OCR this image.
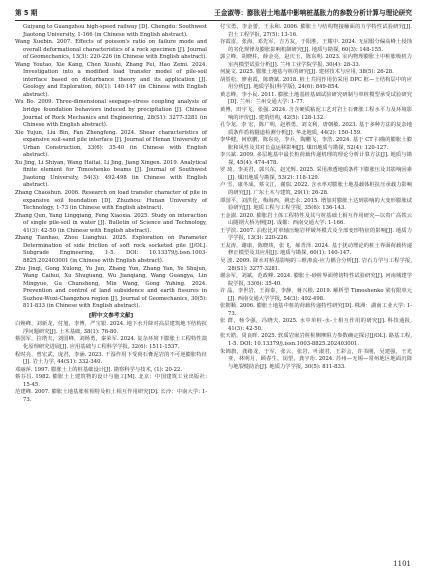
第 5 期	王金淑等：膨胀岩土地基中影响桩基胀力的参数分析计算与理论研究
Guiyang to Guangzhou high-speed railway [D]. Chengdu: Southwest Jiaotong University, 1-166 (in Chinese with English abstract).
Wang Xuebin. 2007. Effects of poisson's ratio on failure mode and overall deformational characteristics of a rock specimen [J]. Journal of Geomechanics, 13(3): 220-226 (in Chinese with English abstract).
Wang Youtao, Xie Kang, Chen Xiushi, Zhang Fei, Hao Zemi. 2024. Investigation into a modified load transfer model of pile-soil interface based on disturbance theory and its application [J]. Geology and Exploration, 60(1): 140-147 (in Chinese with English abstract).
Wu Bo. 2009. Three-dimensional seepage-stress coupling analysis of bridge foundation behaviors induced by precipitation [J]. Chinese Journal of Rock Mechanics and Engineering, 28(S1): 3277-3281 (in Chinese with English abstract).
Xie Yujun, Liu Bin, Fan Zhengfeng. 2024. Shear characteristics of expansive soil-sand pile interface [J]. Journal of Henan University of Urban Construction, 33(6): 35-40 (in Chinese with English abstract).
Xu Jing, Li Shiyan, Wang Haitai, Li Jing, Jiang Xingen. 2019. Analytical finite element for Timoshenko beams [J]. Journal of Southwest Jiaotong University, 54(3): 492-498 (in Chinese with English abstract).
Zhang Chaoshun. 2006. Research on load transfer character of pile in expansive soil foundation [D]. Zhuzhou: Hunan University of Technology, 1-73 (in Chinese with English abstract).
Zhang Qun, Yang Lingqiang, Feng Xiaoxia. 2025. Study on interaction of single pile-soil in water [J]. Bulletin of Science and Technology, 41(3): 42-50 (in Chinese with English abstract).
Zhang Tianhao, Zhou Lianghui. 2025. Exploration on Parameter Determination of side friction of soft rock socketed pile [J/OL]. Subgrade Engineering, 1-5. DOI: 10.13379/j.issn.1003-8825.202403001 (in Chinese with English abstract).
Zhu Jinqi, Gong Xulong, Yu Jun, Zhang Yun, Zhang Yan, Ye Shujun, Wang Caihui, Xu Shuguang, Wu Jianqiang, Wang Guangya, Lin Mingyue, Gu Chunsheng, Min Wang, Gong Yuhing. 2024. Prevention and control of land subsidence and earth fissures in Suzhou-Wuxi-Changzhou region [J]. Journal of Geomechanics, 30(5): 811-833 (in Chinese with English abstract).
[附中文参考文献]
白焕峰，刘新龙，付旭，李博，严宝银. 2024. 地下水升降对高层建筑地下结构抗浮问题研究[J]. 土木基础, 38(1): 76-80.
蔡国军，拉塔夫，刘国峰，刘杨勇，秦荣军. 2024. 复杂环境下膨胀土工程特性演化原理研究进展[J]. 应用基础与工程科学学报, 32(6): 1511-1537.
程时亮，曾宏武，庞君，李涵. 2023. 干湿作用下受荷石膏泥岩的不可逆膨胀特征[J]. 岩土力学, 44(S1): 332-340.
邓丽萍. 1997. 膨胀土上的桩基础设计[J]. 勘察科学与技术, (1): 20-22.
蔡芬昌. 1982. 膨胀土上建筑物的设计与施工[M]. 北京：中国建筑工业出版社: 15-45.
范建峰. 2007. 膨胀土地基胀桩相特及桩土相互作用研究[D]. 长沙：中南大学: 1-73.
付宝勇，李金蕾，王永和. 2006. 膨胀土与结构物接触面的力学特性试验研究[J]. 岩土工程学报, 27(5): 13-16.
谷霞雷，张海，邓先军，吉方友，于阳胜，王耀中. 2024. 无屈服分偏高峰土侵蚀的劣化规律及膨胀影响机制研究[J]. 地质与勘探, 60(3): 148-155.
郭立峰，胡晓柱，薛金亮，赵庆玉，陈东明. 2023. 室内物理膨胀土中桩胀吸机力室内模型试验分析[J]. 兰州工业学院学报, 30(4): 28-33.
何旋文. 2025. 膨胀土地基与桩的研究[J]. 建材技术与应用, 38(5): 26-28.
胡贺松，廖甫霞，陈晓斌. 2018. 桩土共同作用仿采用 DPC 框—土结构层中的应用分析[J]. 地质学报(科学版), 24(6): 849-854.
黄志峰，李小民. 2011. 膨胀土地基桩基础试验研究研制与单桩模型承受试验研究[D]. 兰州：兰州交通大学: 1-77.
黄博，田宇飞，张强. 2024. 含含硬质粘泥工艺对岩土石膏胀工程水平力及环境影响的评价[J]. 建筑结构, 42(5): 128-132.
孔令龙，李 宏，陈广明，赵胜勇，刘文利，唐朝敏. 2023. 基于多种方法的复杂地质条件盾构隧道检测分析[J]. 华北地质, 44(2): 150-159.
李华健，何欣鹏，陈东亮，李兵，陶鹏飞，李浩. 2024. 基于 CT 扫描的膨胀土膨胀和风性及其对长盒运移影响[J]. 煤田地质与勘探, 52(4): 120-127.
李兴斌. 2009. 多层地基中最长桩荷载传递机理的理论分析计算方法[J]. 地质与勘探, 45(4): 474-478.
罗 琦，李美君，郭兴东，赵光辉. 2025. 采用渗透地质条件下膨胀压及其影响因素[J]. 煤田地质与勘探, 53(2): 118-129.
卢 雪，康冬成，蔡文江，谢瑞. 2022. 含水率对膨胀土地基载体桩抗压承载力影响的研究[J]. 广东土木与建筑, 29(1): 26-28.
谭国平，刘洪化，梅海西，姚忠永. 2015. 增加对膨胀土达到影响的大变形膨胀试验研究[J]. 地质工程与工程学报, 35(6): 136-143.
王金淑. 2020. 膨胀岩土体工程特性及其与桩基础土相互作用研究—以贵广高铁云山隧钢大桥为例[D]. 成都：西南交通大学: 1-166.
王学滨. 2007. 泊松比对单轴压缩岩样破坏模式及全部变形特征的影响[J]. 地质力学学报, 13(3): 220-226.
王友涛，谢康，陈晓竣，张飞，郝青泽. 2024. 基于扰动理论的桩土界面荷载传递修正模型及其应用[J]. 地质与勘探, 60(1): 140-147.
吴 波. 2009. 降水对桥基影响的三维渗流-应力耦合分析[J]. 岩石力学与工程学报, 28(S1): 3277-3281.
谢余军，刘斌，范政峰. 2024. 膨胀土-砂桩界面剪切特性试验研究[J]. 河南城建学院学报, 33(6): 35-40.
许 晶，李世岩，王海泰，李静，蒋兴根. 2019. 解析型 Timoshenko 梁有限单元[J]. 西南交通大学学报, 54(3): 492-498.
张朝顺. 2006. 膨胀土地基中桩的荷载传递特性研究[D]. 株洲：湖南工业大学: 1-73.
张 群，杨令强，冯晓夫. 2025. 水中单桩-水-土相互作用的研究[J]. 科技通报, 41(3): 42-50.
张天皓，周良晖. 2025. 软质岩嵌岩桩桩侧摩阻力参数确定探讨[J/OL]. 路基工程, 1-5. DOI: 10.13379/j.issn.1003-8825.202403001.
朱锦旗，龚绪龙，于军，张云，张岩，叶淑君，王彩会，许书刚，吴建强，王光亚，林明月，顾春生，闵望，龚宇珩. 2024. 苏州—无锡—常州地区地面沉降与地裂缝防治[J]. 地质力学学报, 30(5): 811-833.
1101
